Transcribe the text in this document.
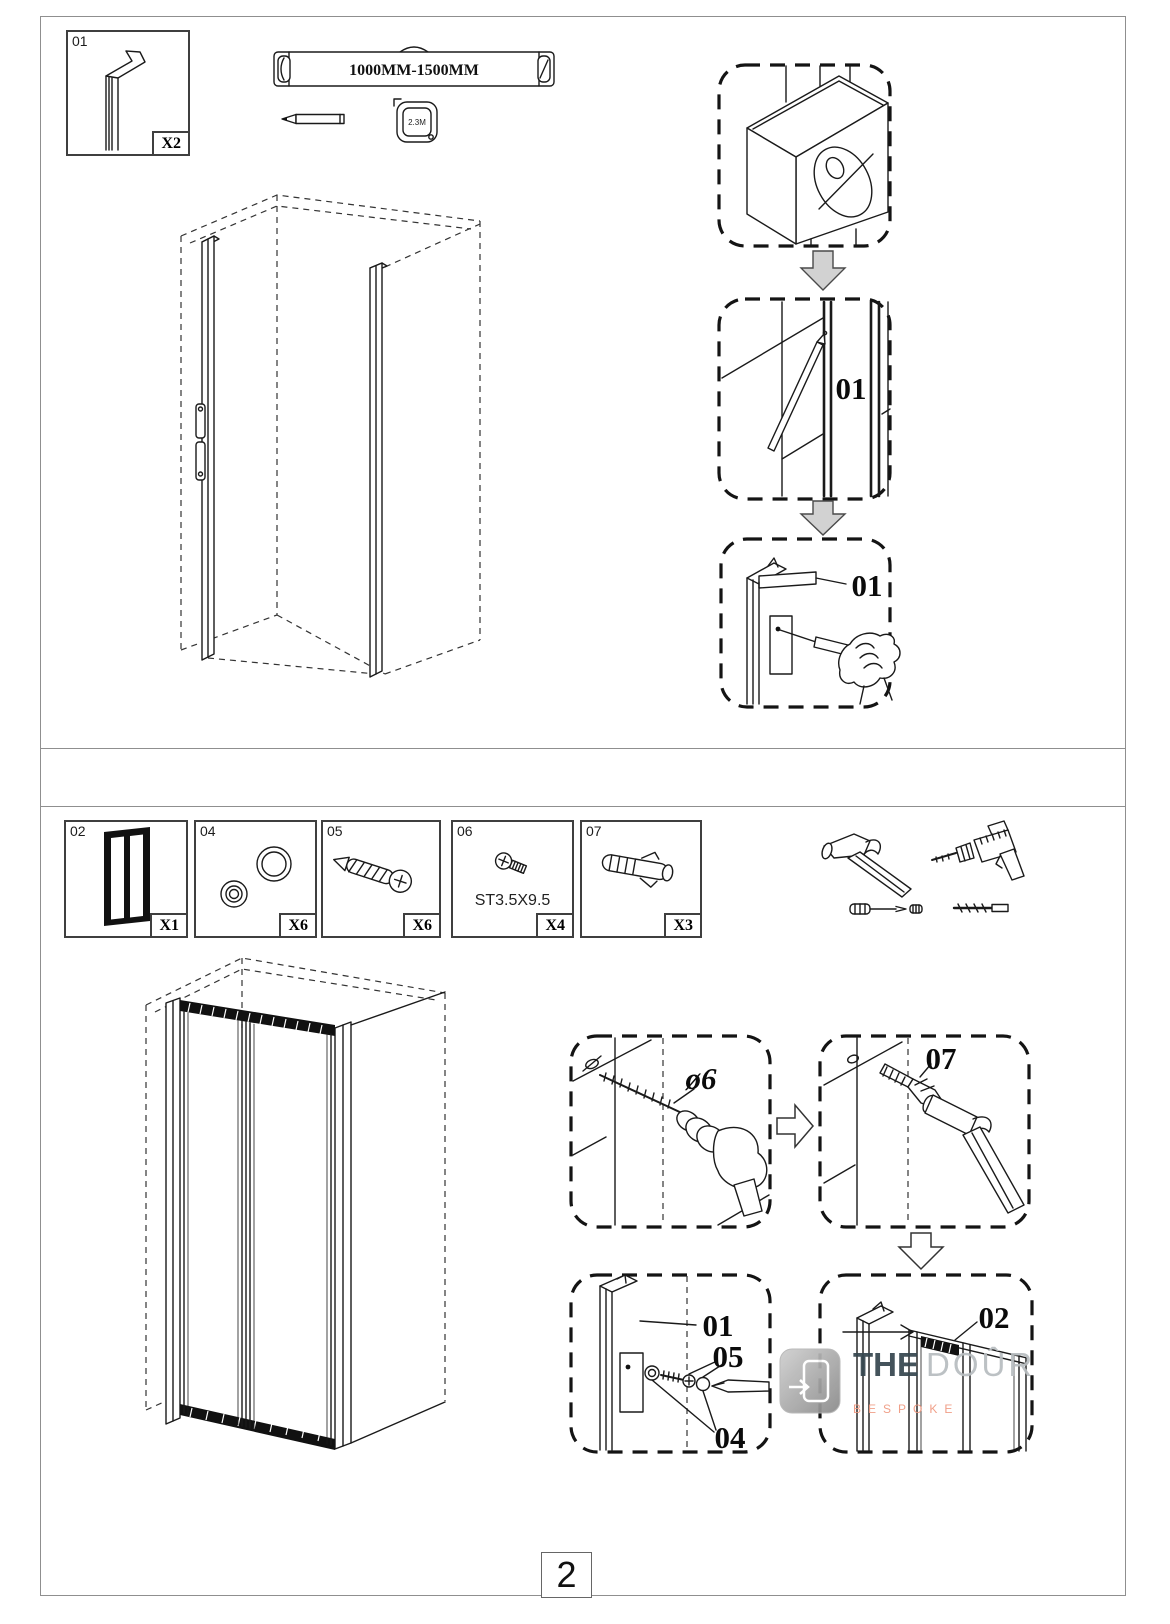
01
X2
1000MM-1500MM
2.3M
01
01
02
X1
04
X6
05
X6
06
ST3.5X9.5
X4
07
X3
ø6
07
01
05
04
02
THE DOÛR
BESPOKE
2
